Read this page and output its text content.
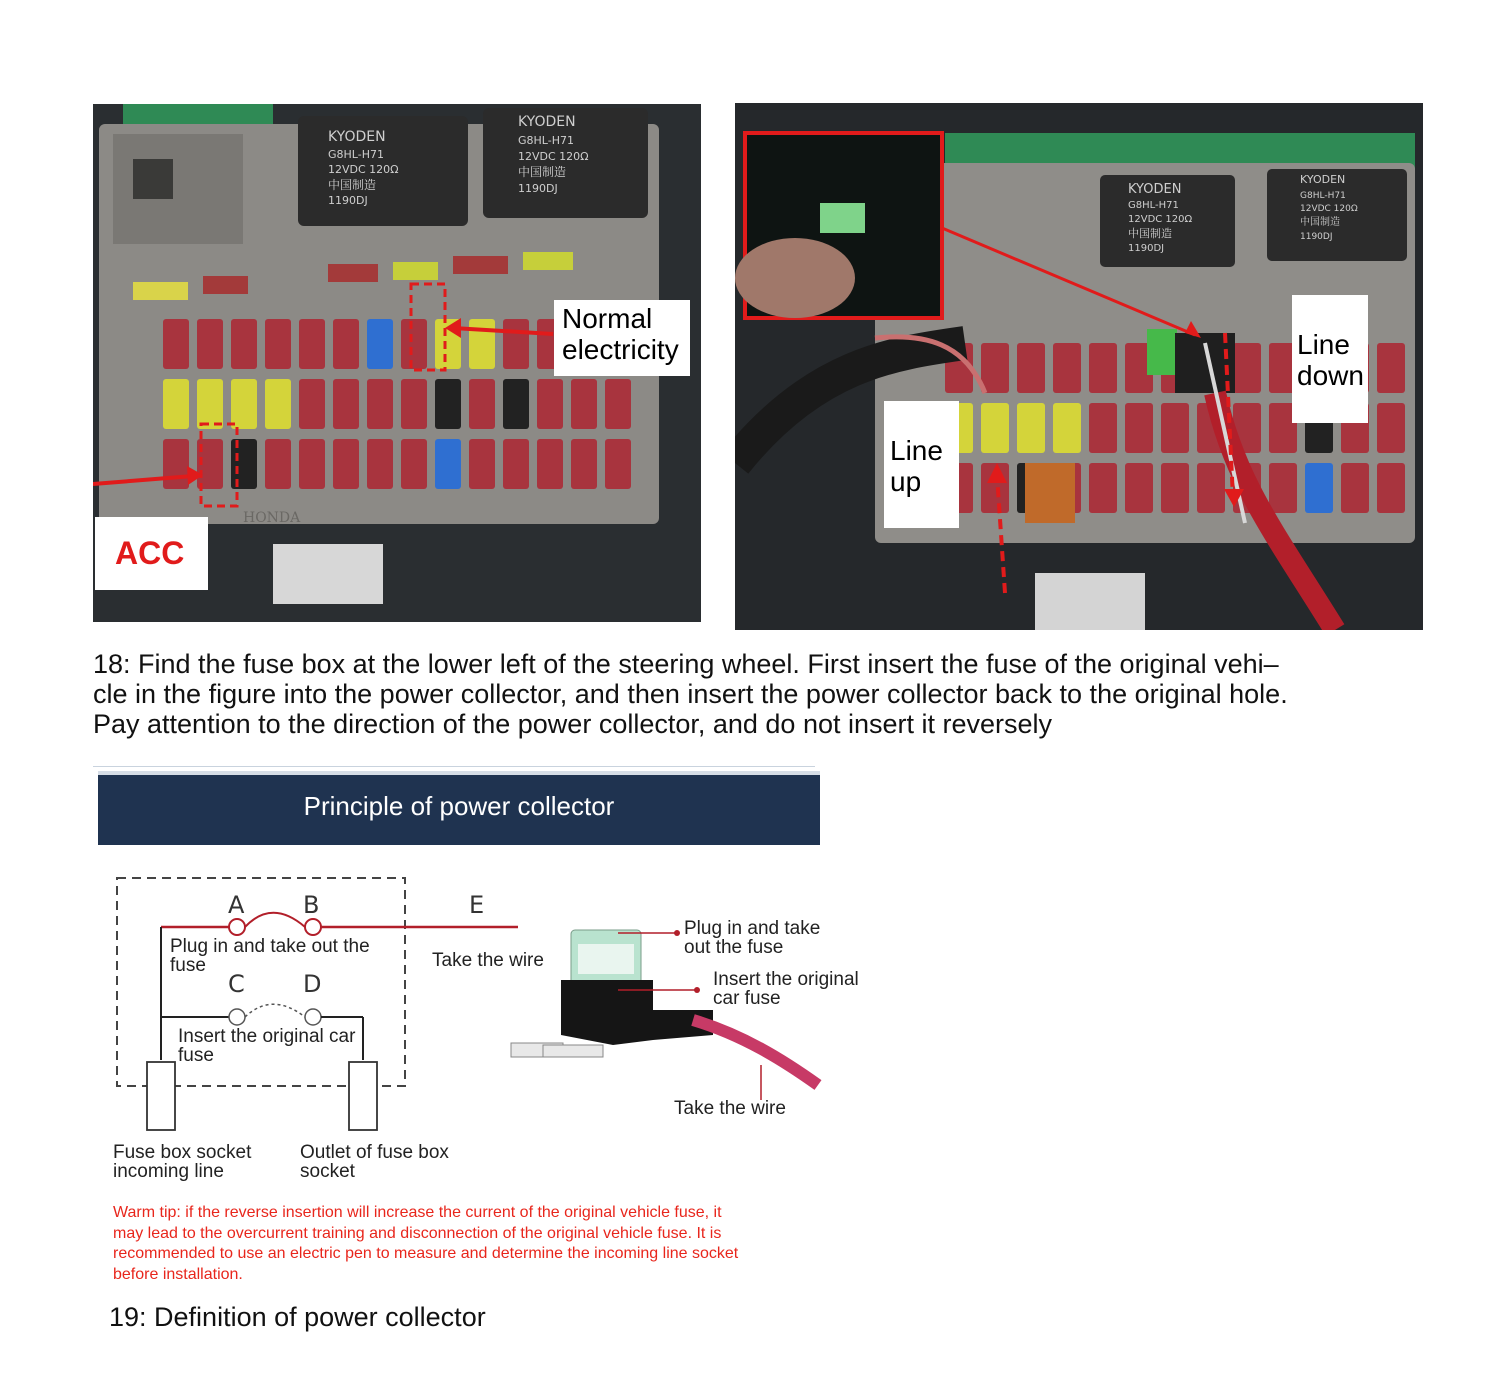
KYODEN
G8HL-H71
12VDC 120Ω
中国制造
1190DJ
KYODEN
G8HL-H71
12VDC 120Ω
中国制造
1190DJ
HONDA
Normal
electricity
ACC
KYODEN
G8HL-H71
12VDC 120Ω
中国制造
1190DJ
KYODEN
G8HL-H71
12VDC 120Ω
中国制造
1190DJ
Line
up
Line
down
18: Find the fuse box at the lower left of the steering wheel. First insert the fuse of the original vehi–
cle in the figure into the power collector, and then insert the power collector back to the original hole.
Pay attention to the direction of the power collector, and do not insert it reversely
Principle of power collector
A B
C D
E
Plug in and take out the
fuse
Insert the original car
fuse
Take the wire
Fuse box socket
incoming line
Outlet of fuse box
socket
Plug in and take
out the fuse
Insert the original
car fuse
Take the wire
Warm tip: if the reverse insertion will increase the current of the original vehicle fuse, it
may lead to the overcurrent training and disconnection of the original vehicle fuse. It is
recommended to use an electric pen to measure and determine the incoming line socket
before installation.
19: Definition of power collector
